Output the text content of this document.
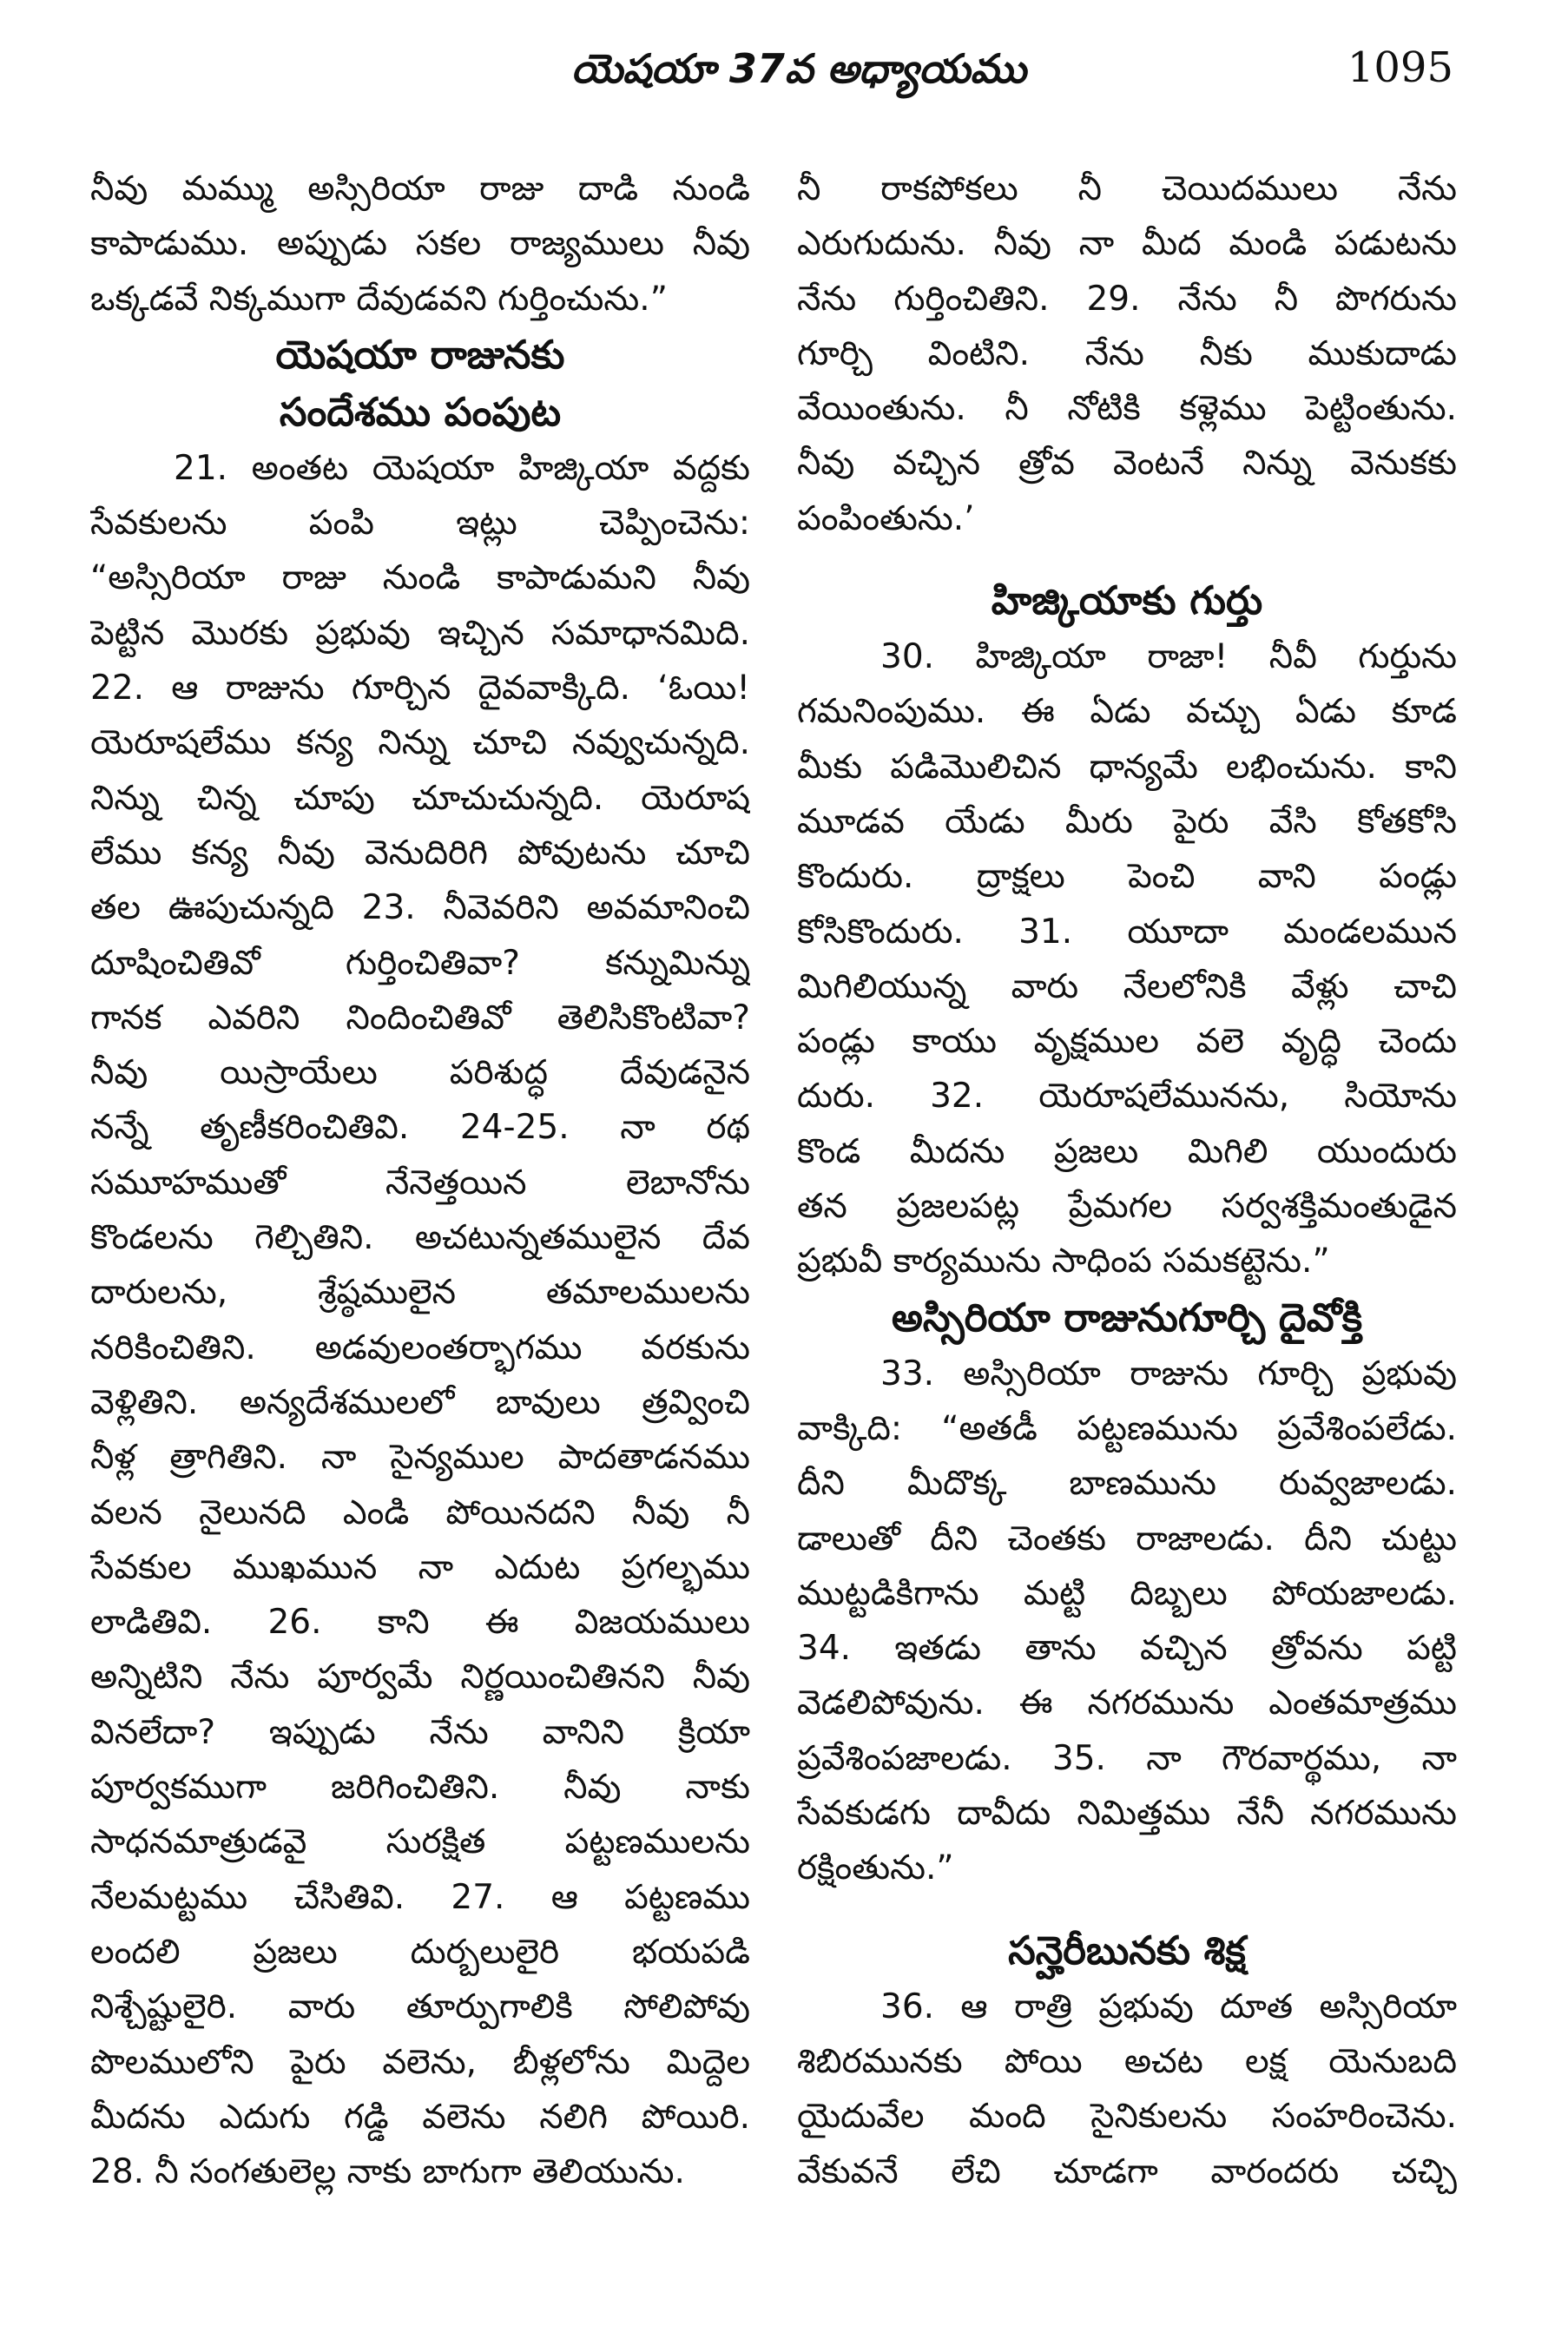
యెషయా 37వ అధ్యాయము	1095
నీవు మమ్ము అస్సిరియా రాజు దాడి నుండి
కాపాడుము. అప్పుడు సకల రాజ్యములు నీవు
ఒక్కడవే నిక్కముగా దేవుడవని గుర్తించును.”
యెషయా రాజునకు
సందేశము పంపుట
21. అంతట యెషయా హిజ్కియా వద్దకు
సేవకులను పంపి ఇట్లు చెప్పించెను:
“అస్సిరియా రాజు నుండి కాపాడుమని నీవు
పెట్టిన మొరకు ప్రభువు ఇచ్చిన సమాధానమిది.
22. ఆ రాజును గూర్చిన దైవవాక్కిది. ‘ఓయి!
యెరూషలేము కన్య నిన్ను చూచి నవ్వుచున్నది.
నిన్ను చిన్న చూపు చూచుచున్నది. యెరూష
లేము కన్య నీవు వెనుదిరిగి పోవుటను చూచి
తల ఊపుచున్నది 23. నీవెవరిని అవమానించి
దూషించితివో గుర్తించితివా? కన్నుమిన్ను
గానక ఎవరిని నిందించితివో తెలిసికొంటివా?
నీవు యిస్రాయేలు పరిశుద్ధ దేవుడనైన
నన్నే తృణీకరించితివి. 24-25. నా రథ
సమూహముతో నేనెత్తయిన లెబానోను
కొండలను గెల్చితిని. అచటున్నతములైన దేవ
దారులను, శ్రేష్ఠములైన తమాలములను
నరికించితిని. అడవులంతర్భాగము వరకును
వెళ్లితిని. అన్యదేశములలో బావులు త్రవ్వించి
నీళ్ల త్రాగితిని. నా సైన్యముల పాదతాడనము
వలన నైలునది ఎండి పోయినదని నీవు నీ
సేవకుల ముఖమున నా ఎదుట ప్రగల్భము
లాడితివి. 26. కాని ఈ విజయములు
అన్నిటిని నేను పూర్వమే నిర్ణయించితినని నీవు
వినలేదా? ఇప్పుడు నేను వానిని క్రియా
పూర్వకముగా జరిగించితిని. నీవు నాకు
సాధనమాత్రుడవై సురక్షిత పట్టణములను
నేలమట్టము చేసితివి. 27. ఆ పట్టణము
లందలి ప్రజలు దుర్బలులైరి భయపడి
నిశ్చేష్టులైరి. వారు తూర్పుగాలికి సోలిపోవు
పొలములోని పైరు వలెను, బీళ్లలోను మిద్దెల
మీదను ఎదుగు గడ్డి వలెను నలిగి పోయిరి.
28. నీ సంగతులెల్ల నాకు బాగుగా తెలియును.
నీ రాకపోకలు నీ చెయిదములు నేను
ఎరుగుదును. నీవు నా మీద మండి పడుటను
నేను గుర్తించితిని. 29. నేను నీ పొగరును
గూర్చి వింటిని. నేను నీకు ముకుదాడు
వేయింతును. నీ నోటికి కళ్లెము పెట్టింతును.
నీవు వచ్చిన త్రోవ వెంటనే నిన్ను వెనుకకు
పంపింతును.’
హిజ్కియాకు గుర్తు
30. హిజ్కియా రాజా! నీవీ గుర్తును
గమనింపుము. ఈ ఏడు వచ్చు ఏడు కూడ
మీకు పడిమొలిచిన ధాన్యమే లభించును. కాని
మూడవ యేడు మీరు పైరు వేసి కోతకోసి
కొందురు. ద్రాక్షలు పెంచి వాని పండ్లు
కోసికొందురు. 31. యూదా మండలమున
మిగిలియున్న వారు నేలలోనికి వేళ్లు చాచి
పండ్లు కాయు వృక్షముల వలె వృద్ధి చెందు
దురు. 32. యెరూషలేమునను, సియోను
కొండ మీదను ప్రజలు మిగిలి యుందురు
తన ప్రజలపట్ల ప్రేమగల సర్వశక్తిమంతుడైన
ప్రభువీ కార్యమును సాధింప సమకట్టెను.”
అస్సిరియా రాజునుగూర్చి దైవోక్తి
33. అస్సిరియా రాజును గూర్చి ప్రభువు
వాక్కిది: “అతడీ పట్టణమును ప్రవేశింపలేడు.
దీని మీదొక్క బాణమును రువ్వజాలడు.
డాలుతో దీని చెంతకు రాజాలడు. దీని చుట్టు
ముట్టడికిగాను మట్టి దిబ్బలు పోయజాలడు.
34. ఇతడు తాను వచ్చిన త్రోవను పట్టి
వెడలిపోవును. ఈ నగరమును ఎంతమాత్రము
ప్రవేశింపజాలడు. 35. నా గౌరవార్థము, నా
సేవకుడగు దావీదు నిమిత్తము నేనీ నగరమును
రక్షింతును.”
సన్హెరీబునకు శిక్ష
36. ఆ రాత్రి ప్రభువు దూత అస్సిరియా
శిబిరమునకు పోయి అచట లక్ష యెనుబది
యైదువేల మంది సైనికులను సంహరించెను.
వేకువనే లేచి చూడగా వారందరు చచ్చి
